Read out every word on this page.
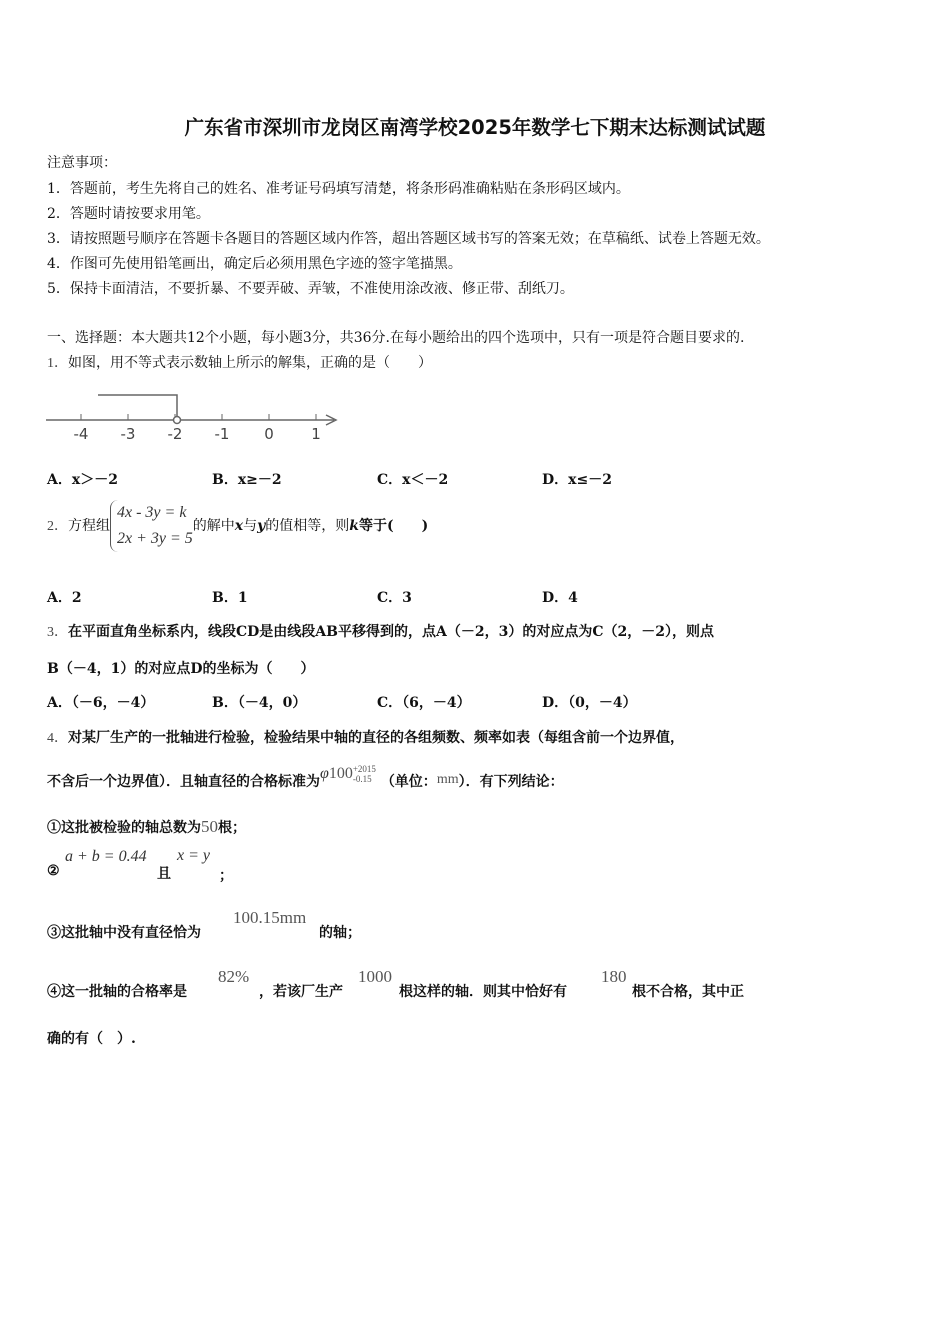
广东省市深圳市龙岗区南湾学校2025年数学七下期末达标测试试题
注意事项：
1．答题前，考生先将自己的姓名、准考证号码填写清楚，将条形码准确粘贴在条形码区域内。
2．答题时请按要求用笔。
3．请按照题号顺序在答题卡各题目的答题区域内作答，超出答题区域书写的答案无效；在草稿纸、试卷上答题无效。
4．作图可先使用铅笔画出，确定后必须用黑色字迹的签字笔描黑。
5．保持卡面清洁，不要折暴、不要弄破、弄皱，不准使用涂改液、修正带、刮纸刀。
一、选择题：本大题共12个小题，每小题3分，共36分.在每小题给出的四个选项中，只有一项是符合题目要求的.
1．如图，用不等式表示数轴上所示的解集，正确的是（　　）
-4 -3 -2 -1 0 1
A．x＞－2	B．x≥－2	C．x＜－2	D．x≤－2
2．方程组4x - 3y = k
2x + 3y = 5的解中x与y的值相等，则k等于(　　)
A．2	B．1	C．3	D．4
3．在平面直角坐标系内，线段CD是由线段AB平移得到的，点A（－2，3）的对应点为C（2，－2），则点
B（－4，1）的对应点D的坐标为（　　）
A．（－6，－4）	B．（－4，0）	C．（6，－4）	D．（0，－4）
4．对某厂生产的一批轴进行检验，检验结果中轴的直径的各组频数、频率如表（每组含前一个边界值，
不含后一个边界值）．且轴直径的合格标准为φ100+2015
-0.15 （单位：mm）．有下列结论：
①这批被检验的轴总数为50根；
②
a + b = 0.44
且
x = y
；
③这批轴中没有直径恰为
100.15mm
的轴；
④这一批轴的合格率是
82%
，若该厂生产
1000
根这样的轴．则其中恰好有
180
根不合格，其中正
确的有（　）.
